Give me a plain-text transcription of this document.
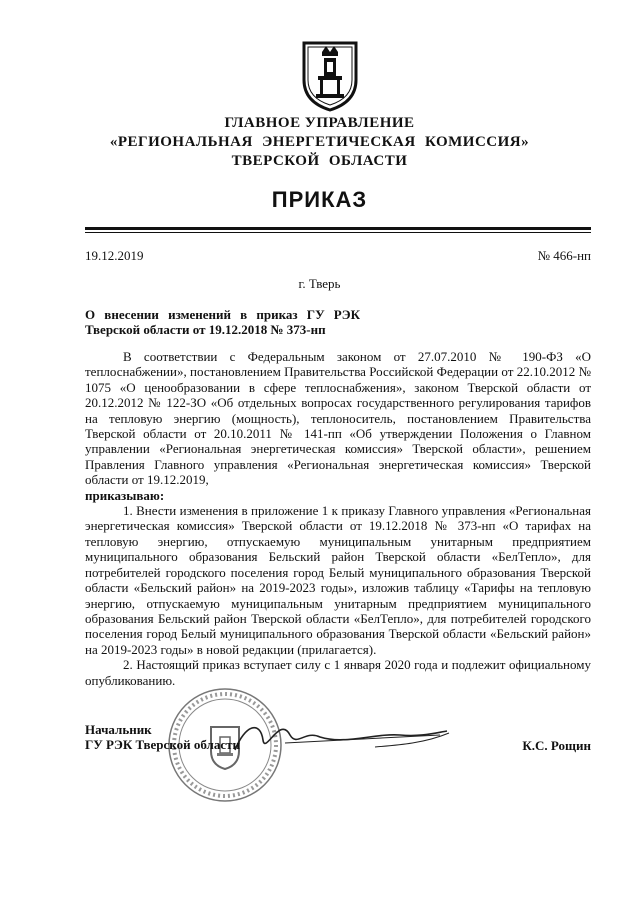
ГЛАВНОЕ УПРАВЛЕНИЕ
«РЕГИОНАЛЬНАЯ ЭНЕРГЕТИЧЕСКАЯ КОМИССИЯ»
ТВЕРСКОЙ ОБЛАСТИ
ПРИКАЗ
19.12.2019	№ 466-нп
г. Тверь
О внесении изменений в приказ ГУ РЭК Тверской области от 19.12.2018 № 373-нп

В соответствии с Федеральным законом от 27.07.2010 № 190-ФЗ «О теплоснабжении», постановлением Правительства Российской Федерации от 22.10.2012 № 1075 «О ценообразовании в сфере теплоснабжения», законом Тверской области от 20.12.2012 № 122-ЗО «Об отдельных вопросах государственного регулирования тарифов на тепловую энергию (мощность), теплоноситель, постановлением Правительства Тверской области от 20.10.2011 № 141-пп «Об утверждении Положения о Главном управлении «Региональная энергетическая комиссия» Тверской области», решением Правления Главного управления «Региональная энергетическая комиссия» Тверской области от 19.12.2019,

приказываю:

1. Внести изменения в приложение 1 к приказу Главного управления «Региональная энергетическая комиссия» Тверской области от 19.12.2018 № 373-нп «О тарифах на тепловую энергию, отпускаемую муниципальным унитарным предприятием муниципального образования Бельский район Тверской области «БелТепло», для потребителей городского поселения город Белый муниципального образования Тверской области «Бельский район» на 2019-2023 годы», изложив таблицу «Тарифы на тепловую энергию, отпускаемую муниципальным унитарным предприятием муниципального образования Бельский район Тверской области «БелТепло», для потребителей городского поселения город Белый муниципального образования Тверской области «Бельский район» на 2019-2023 годы» в новой редакции (прилагается).

2. Настоящий приказ вступает силу с 1 января 2020 года и подлежит официальному опубликованию.

Начальник
ГУ РЭК Тверской области	К.С. Рощин
